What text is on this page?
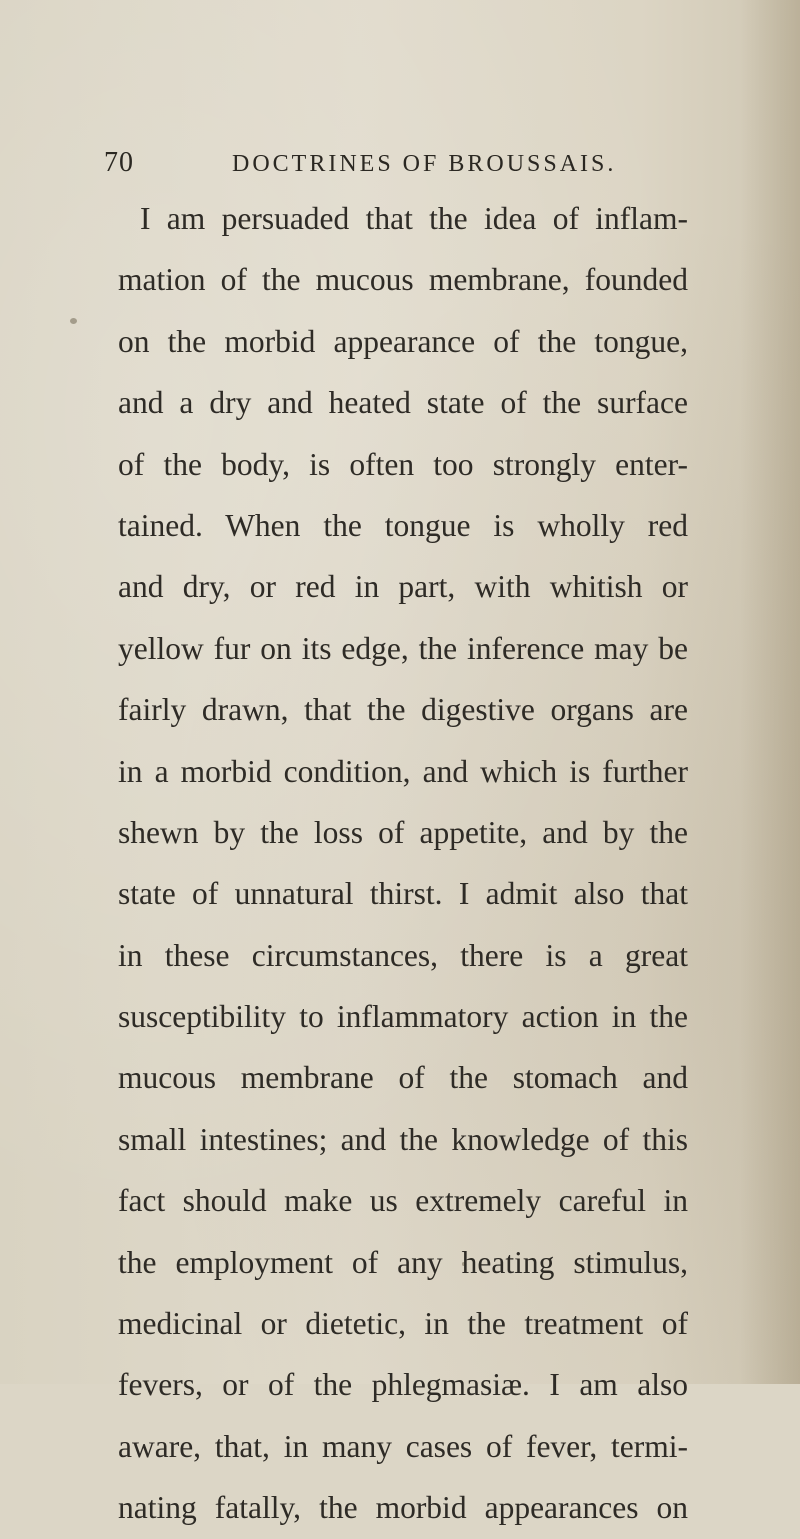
70	DOCTRINES OF BROUSSAIS.
I am persuaded that the idea of inflam-
mation of the mucous membrane, founded
on the morbid appearance of the tongue,
and a dry and heated state of the surface
of the body, is often too strongly enter-
tained. When the tongue is wholly red
and dry, or red in part, with whitish or
yellow fur on its edge, the inference may be
fairly drawn, that the digestive organs are
in a morbid condition, and which is further
shewn by the loss of appetite, and by the
state of unnatural thirst. I admit also that
in these circumstances, there is a great
susceptibility to inflammatory action in the
mucous membrane of the stomach and
small intestines; and the knowledge of this
fact should make us extremely careful in
the employment of any heating stimulus,
medicinal or dietetic, in the treatment of
fevers, or of the phlegmasiæ. I am also
aware, that, in many cases of fever, termi-
nating fatally, the morbid appearances on
